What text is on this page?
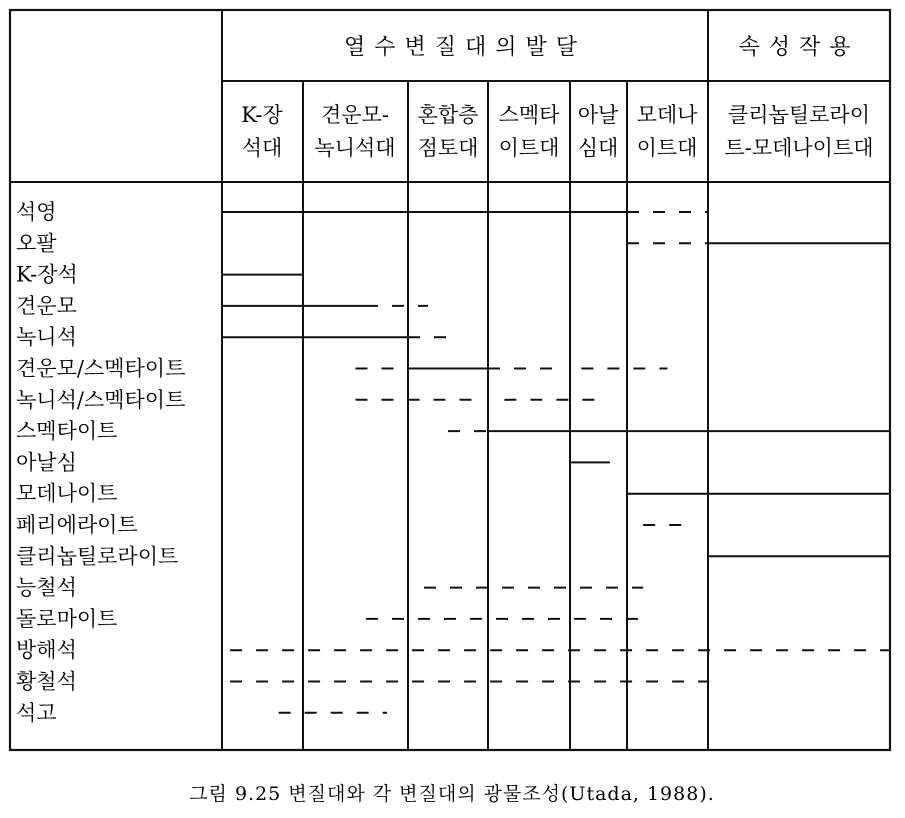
열수변질대의발달	속성작용
K-장
석대
견운모-
녹니석대
혼합층
점토대
스멕타
이트대
아날
심대
모데나
이트대
클리놉틸로라이
트-모데나이트대
석영
오팔
K-장석
견운모
녹니석
견운모/스멕타이트
녹니석/스멕타이트
스멕타이트
아날심
모데나이트
페리에라이트
클리놉틸로라이트
능철석
돌로마이트
방해석
황철석
석고
그림 9.25 변질대와 각 변질대의 광물조성(Utada, 1988).
